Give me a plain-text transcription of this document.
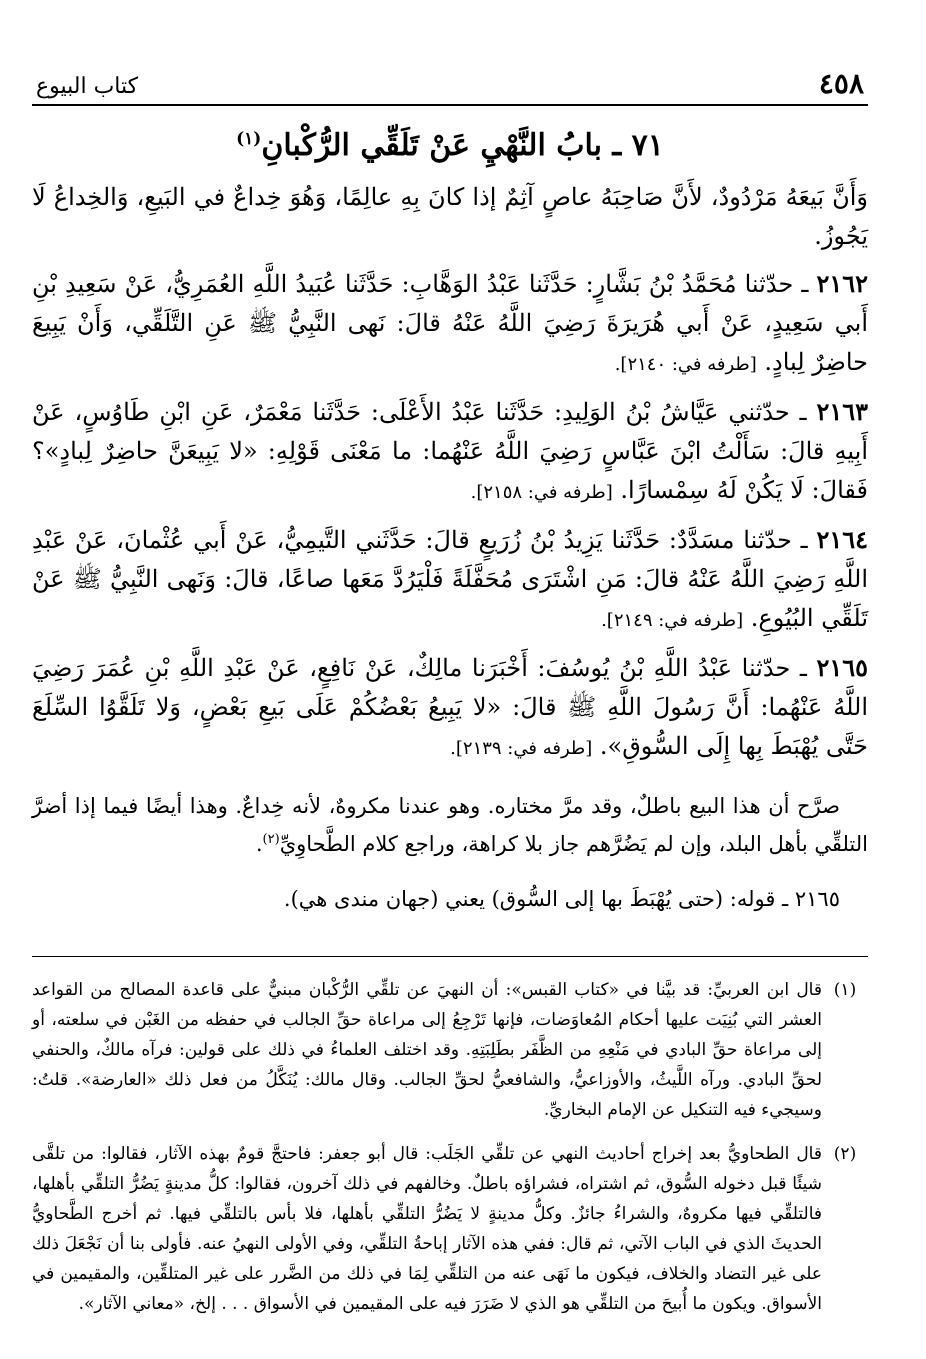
٤٥٨
كتاب البيوع
٧١ ـ بابُ النَّهْيِ عَنْ تَلَقِّي الرُّكْبانِ$^{(١)}$

وَأَنَّ بَيعَهُ مَرْدُودٌ، لأَنَّ صَاحِبَهُ عاصٍ آثِمٌ إذا كانَ بِهِ عالِمًا، وَهُوَ خِداعٌ في البَيعِ، وَالخِداعُ لَا يَجُوزُ.

٢١٦٢ ـ حدّثنا مُحَمَّدُ بْنُ بَشَّارٍ: حَدَّثَنا عَبْدُ الوَهَّابِ: حَدَّثَنا عُبَيدُ اللَّهِ العُمَرِيُّ، عَنْ سَعِيدِ بْنِ أَبي سَعِيدٍ، عَنْ أَبي هُرَيرَةَ رَضِيَ اللَّهُ عَنْهُ قالَ: نَهى النَّبِيُّ ﷺ عَنِ التَّلَقِّي، وَأَنْ يَبِيعَ حاضِرٌ لِبادٍ. [طرفه في: ٢١٤٠].

٢١٦٣ ـ حدّثني عَيَّاشُ بْنُ الوَلِيدِ: حَدَّثَنا عَبْدُ الأَعْلَى: حَدَّثَنا مَعْمَرٌ، عَنِ ابْنِ طَاوُسٍ، عَنْ أَبِيهِ قالَ: سَأَلْتُ ابْنَ عَبَّاسٍ رَضِيَ اللَّهُ عَنْهُما: ما مَعْنَى قَوْلِهِ: «لا يَبِيعَنَّ حاضِرٌ لِبادٍ»؟ فَقالَ: لَا يَكُنْ لَهُ سِمْسارًا. [طرفه في: ٢١٥٨].

٢١٦٤ ـ حدّثنا مسَدَّدٌ: حَدَّثَنا يَزِيدُ بْنُ زُرَيعٍ قالَ: حَدَّثَني التَّيمِيُّ، عَنْ أَبي عُثْمانَ، عَنْ عَبْدِ اللَّهِ رَضِيَ اللَّهُ عَنْهُ قالَ: مَنِ اشْتَرَى مُحَفَّلَةً فَلْيَرُدَّ مَعَها صاعًا، قالَ: وَنَهى النَّبِيُّ ﷺ عَنْ تَلَقِّي البُيُوعِ. [طرفه في: ٢١٤٩].

٢١٦٥ ـ حدّثنا عَبْدُ اللَّهِ بْنُ يُوسُفَ: أَخْبَرَنا مالِكٌ، عَنْ نَافِعٍ، عَنْ عَبْدِ اللَّهِ بْنِ عُمَرَ رَضِيَ اللَّهُ عَنْهُما: أَنَّ رَسُولَ اللَّهِ ﷺ قالَ: «لا يَبِيعُ بَعْضُكُمْ عَلَى بَيعِ بَعْضٍ، وَلا تَلَقَّوُا السِّلَعَ حَتَّى يُهْبَطَ بِها إِلَى السُّوقِ». [طرفه في: ٢١٣٩].

صرَّح أن هذا البيع باطلٌ، وقد مرَّ مختاره. وهو عندنا مكروهٌ، لأنه خِداعٌ. وهذا أيضًا فيما إذا أضرَّ التلقِّي بأهل البلد، وإن لم يَضُرَّهم جاز بلا كراهة، وراجع كلام الطَّحاوِيِّ$^{(٢)}$.

٢١٦٥ ـ قوله: (حتى يُهْبَطَ بها إلى السُّوق) يعني (جهان مندى هي).

(١)
قال ابن العربيِّ: قد بيَّنا في «كتاب القبس»: أن النهيَ عن تلقِّي الرُّكْبان مبنيٌّ على قاعدة المصالح من القواعد العشر التي بُنِيَت عليها أحكام المُعاوَضات، فإنها تَرْجِعُ إلى مراعاة حقِّ الجالب في حفظه من الغَبْن في سلعته، أو إلى مراعاة حقِّ البادي في مَنْعِهِ من الظَّفَر بطَلِبَتِهِ. وقد اختلف العلماءُ في ذلك على قولين: فرآه مالكٌ، والحنفي لحقِّ البادي. ورآه اللَّيثُ، والأوزاعيُّ، والشافعيُّ لحقِّ الجالب. وقال مالك: يُنَكَّلُ من فعل ذلك «العارضة». قلتُ: وسيجيء فيه التنكيل عن الإمام البخاريِّ.
(٢)
قال الطحاويُّ بعد إخراج أحاديث النهي عن تلقِّي الجَلَب: قال أبو جعفر: فاحتجَّ قومٌ بهذه الآثار، فقالوا: من تلقَّى شيئًا قبل دخوله السُّوق، ثم اشتراه، فشراؤه باطلٌ. وخالفهم في ذلك آخرون، فقالوا: كلُّ مدينةٍ يَضُرُّ التلقِّي بأهلها، فالتلقِّي فيها مكروهٌ، والشراءُ جائزٌ. وكلُّ مدينةٍ لا يَضُرُّ التلقِّي بأهلها، فلا بأس بالتلقِّي فيها. ثم أخرج الطَّحاويُّ الحديثَ الذي في الباب الآتي، ثم قال: ففي هذه الآثار إباحةُ التلقِّي، وفي الأولى النهيُ عنه. فأولى بنا أن نَجْعَلَ ذلك على غير التضاد والخلاف، فيكون ما نَهَى عنه من التلقِّي لِمَا في ذلك من الضَّرر على غير المتلقِّين، والمقيمين في الأسواق. ويكون ما أُبيحَ من التلقِّي هو الذي لا ضَرَرَ فيه على المقيمين في الأسواق . . . إلخ، «معاني الآثار».
